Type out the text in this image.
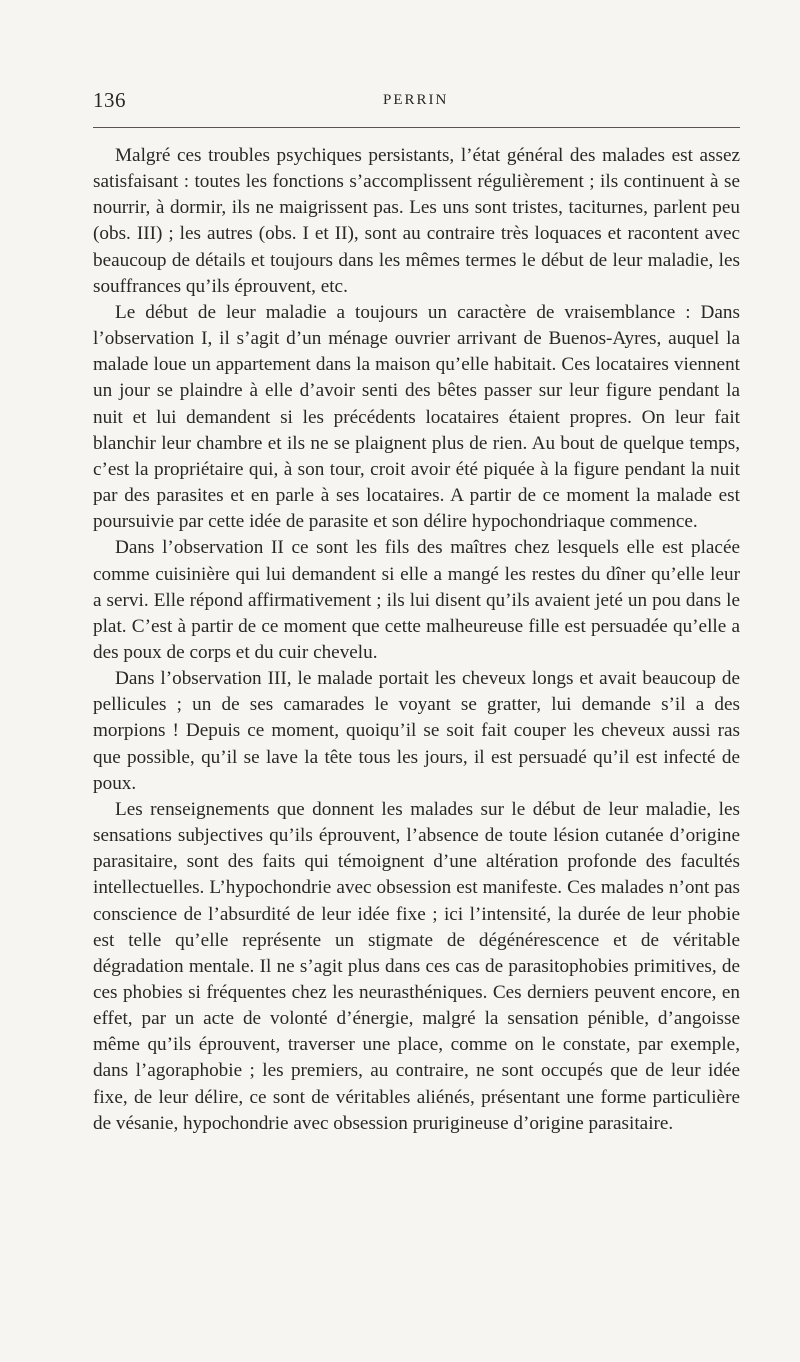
136	PERRIN

Malgré ces troubles psychiques persistants, l’état général des malades est assez satisfaisant : toutes les fonctions s’accomplissent régulièrement ; ils continuent à se nourrir, à dormir, ils ne maigrissent pas. Les uns sont tristes, taciturnes, parlent peu (obs. III) ; les autres (obs. I et II), sont au contraire très loquaces et racontent avec beaucoup de détails et toujours dans les mêmes termes le début de leur maladie, les souffrances qu’ils éprouvent, etc.

Le début de leur maladie a toujours un caractère de vraisemblance : Dans l’observation I, il s’agit d’un ménage ouvrier arrivant de Buenos-Ayres, auquel la malade loue un appartement dans la maison qu’elle habitait. Ces locataires viennent un jour se plaindre à elle d’avoir senti des bêtes passer sur leur figure pendant la nuit et lui demandent si les précédents locataires étaient propres. On leur fait blanchir leur chambre et ils ne se plaignent plus de rien. Au bout de quelque temps, c’est la propriétaire qui, à son tour, croit avoir été piquée à la figure pendant la nuit par des parasites et en parle à ses locataires. A partir de ce moment la malade est poursuivie par cette idée de parasite et son délire hypochondriaque commence.

Dans l’observation II ce sont les fils des maîtres chez lesquels elle est placée comme cuisinière qui lui demandent si elle a mangé les restes du dîner qu’elle leur a servi. Elle répond affirmativement ; ils lui disent qu’ils avaient jeté un pou dans le plat. C’est à partir de ce moment que cette malheureuse fille est persuadée qu’elle a des poux de corps et du cuir chevelu.

Dans l’observation III, le malade portait les cheveux longs et avait beaucoup de pellicules ; un de ses camarades le voyant se gratter, lui demande s’il a des morpions ! Depuis ce moment, quoiqu’il se soit fait couper les cheveux aussi ras que possible, qu’il se lave la tête tous les jours, il est persuadé qu’il est infecté de poux.

Les renseignements que donnent les malades sur le début de leur maladie, les sensations subjectives qu’ils éprouvent, l’absence de toute lésion cutanée d’origine parasitaire, sont des faits qui témoignent d’une altération profonde des facultés intellectuelles. L’hypochondrie avec obsession est manifeste. Ces malades n’ont pas conscience de l’absurdité de leur idée fixe ; ici l’intensité, la durée de leur phobie est telle qu’elle représente un stigmate de dégénérescence et de véritable dégradation mentale. Il ne s’agit plus dans ces cas de parasitophobies primitives, de ces phobies si fréquentes chez les neurasthéniques. Ces derniers peuvent encore, en effet, par un acte de volonté d’énergie, malgré la sensation pénible, d’angoisse même qu’ils éprouvent, traverser une place, comme on le constate, par exemple, dans l’agoraphobie ; les premiers, au contraire, ne sont occupés que de leur idée fixe, de leur délire, ce sont de véritables aliénés, présentant une forme particulière de vésanie, hypochondrie avec obsession prurigineuse d’origine parasitaire.
